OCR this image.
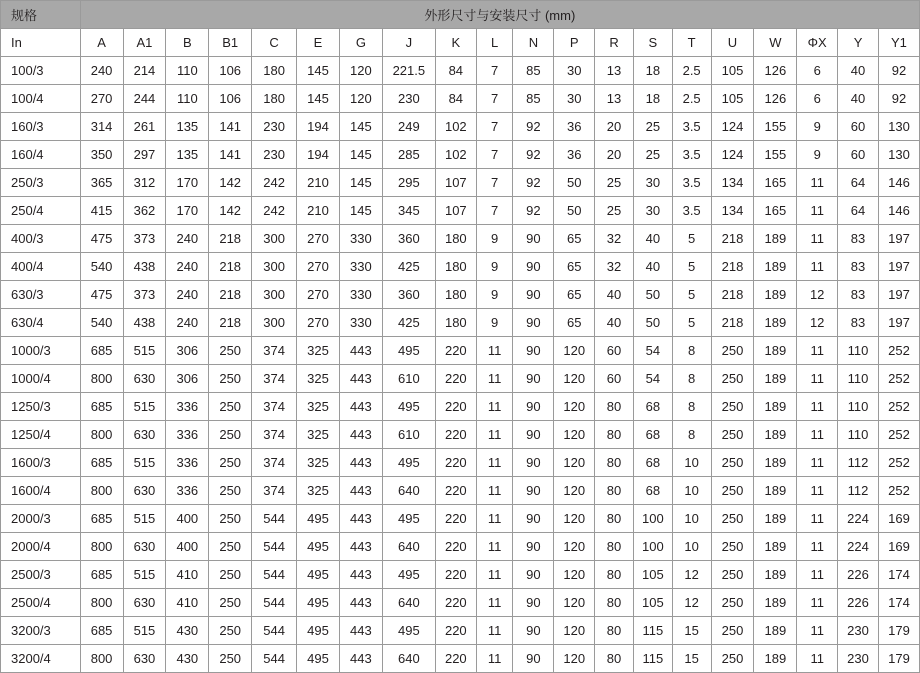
规格	外形尺寸与安装尺寸 (mm)																			
In	A	A1	B	B1	C	E	G	J	K	L	N	P	R	S	T	U	W	ΦX	Y	Y1
100/3	240	214	110	106	180	145	120	221.5	84	7	85	30	13	18	2.5	105	126	6	40	92
100/4	270	244	110	106	180	145	120	230	84	7	85	30	13	18	2.5	105	126	6	40	92
160/3	314	261	135	141	230	194	145	249	102	7	92	36	20	25	3.5	124	155	9	60	130
160/4	350	297	135	141	230	194	145	285	102	7	92	36	20	25	3.5	124	155	9	60	130
250/3	365	312	170	142	242	210	145	295	107	7	92	50	25	30	3.5	134	165	11	64	146
250/4	415	362	170	142	242	210	145	345	107	7	92	50	25	30	3.5	134	165	11	64	146
400/3	475	373	240	218	300	270	330	360	180	9	90	65	32	40	5	218	189	11	83	197
400/4	540	438	240	218	300	270	330	425	180	9	90	65	32	40	5	218	189	11	83	197
630/3	475	373	240	218	300	270	330	360	180	9	90	65	40	50	5	218	189	12	83	197
630/4	540	438	240	218	300	270	330	425	180	9	90	65	40	50	5	218	189	12	83	197
1000/3	685	515	306	250	374	325	443	495	220	11	90	120	60	54	8	250	189	11	110	252
1000/4	800	630	306	250	374	325	443	610	220	11	90	120	60	54	8	250	189	11	110	252
1250/3	685	515	336	250	374	325	443	495	220	11	90	120	80	68	8	250	189	11	110	252
1250/4	800	630	336	250	374	325	443	610	220	11	90	120	80	68	8	250	189	11	110	252
1600/3	685	515	336	250	374	325	443	495	220	11	90	120	80	68	10	250	189	11	112	252
1600/4	800	630	336	250	374	325	443	640	220	11	90	120	80	68	10	250	189	11	112	252
2000/3	685	515	400	250	544	495	443	495	220	11	90	120	80	100	10	250	189	11	224	169
2000/4	800	630	400	250	544	495	443	640	220	11	90	120	80	100	10	250	189	11	224	169
2500/3	685	515	410	250	544	495	443	495	220	11	90	120	80	105	12	250	189	11	226	174
2500/4	800	630	410	250	544	495	443	640	220	11	90	120	80	105	12	250	189	11	226	174
3200/3	685	515	430	250	544	495	443	495	220	11	90	120	80	115	15	250	189	11	230	179
3200/4	800	630	430	250	544	495	443	640	220	11	90	120	80	115	15	250	189	11	230	179
